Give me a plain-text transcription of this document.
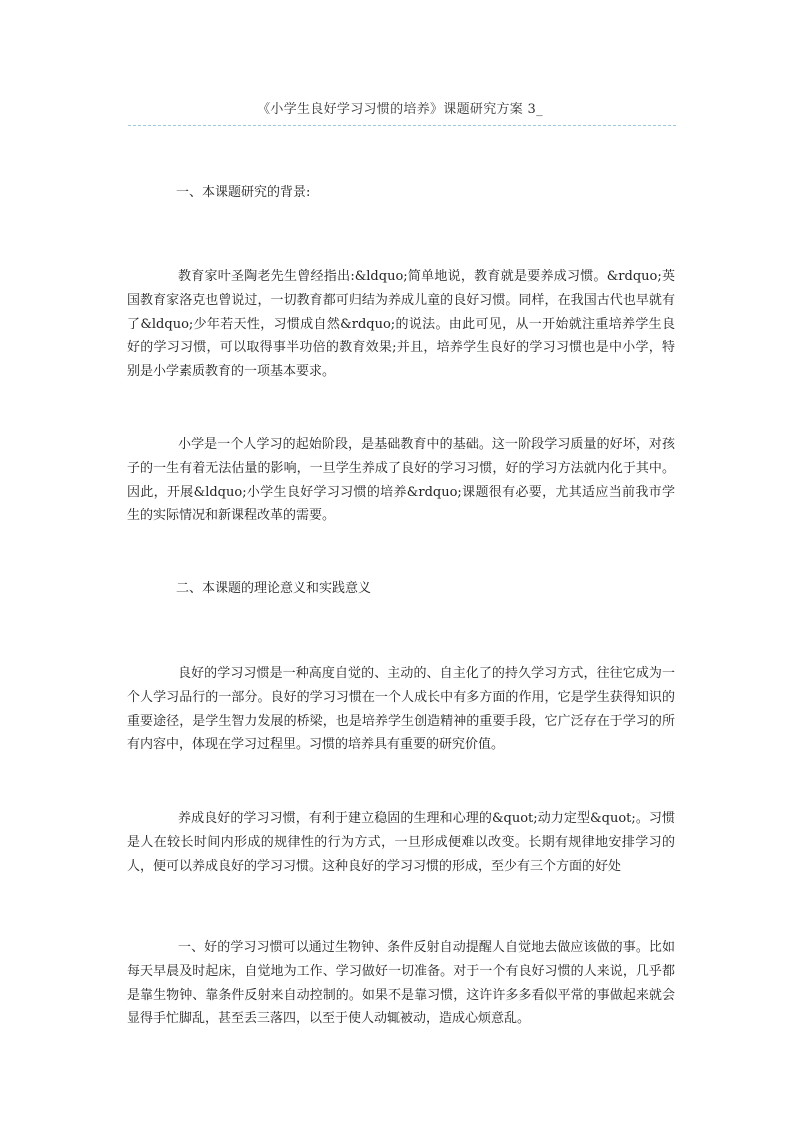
《小学生良好学习习惯的培养》课题研究方案 3_
一、本课题研究的背景:

教育家叶圣陶老先生曾经指出:&ldquo;简单地说，教育就是要养成习惯。&rdquo;英国教育家洛克也曾说过，一切教育都可归结为养成儿童的良好习惯。同样，在我国古代也早就有了&ldquo;少年若天性，习惯成自然&rdquo;的说法。由此可见，从一开始就注重培养学生良好的学习习惯，可以取得事半功倍的教育效果;并且，培养学生良好的学习习惯也是中小学，特别是小学素质教育的一项基本要求。

小学是一个人学习的起始阶段，是基础教育中的基础。这一阶段学习质量的好坏，对孩子的一生有着无法估量的影响，一旦学生养成了良好的学习习惯，好的学习方法就内化于其中。因此，开展&ldquo;小学生良好学习习惯的培养&rdquo;课题很有必要，尤其适应当前我市学生的实际情况和新课程改革的需要。

二、本课题的理论意义和实践意义

良好的学习习惯是一种高度自觉的、主动的、自主化了的持久学习方式，往往它成为一个人学习品行的一部分。良好的学习习惯在一个人成长中有多方面的作用，它是学生获得知识的重要途径，是学生智力发展的桥梁，也是培养学生创造精神的重要手段，它广泛存在于学习的所有内容中，体现在学习过程里。习惯的培养具有重要的研究价值。

养成良好的学习习惯，有利于建立稳固的生理和心理的&quot;动力定型&quot;。习惯是人在较长时间内形成的规律性的行为方式，一旦形成便难以改变。长期有规律地安排学习的人，便可以养成良好的学习习惯。这种良好的学习习惯的形成，至少有三个方面的好处

一、好的学习习惯可以通过生物钟、条件反射自动提醒人自觉地去做应该做的事。比如每天早晨及时起床，自觉地为工作、学习做好一切准备。对于一个有良好习惯的人来说，几乎都是靠生物钟、靠条件反射来自动控制的。如果不是靠习惯，这许许多多看似平常的事做起来就会显得手忙脚乱，甚至丢三落四，以至于使人动辄被动，造成心烦意乱。
